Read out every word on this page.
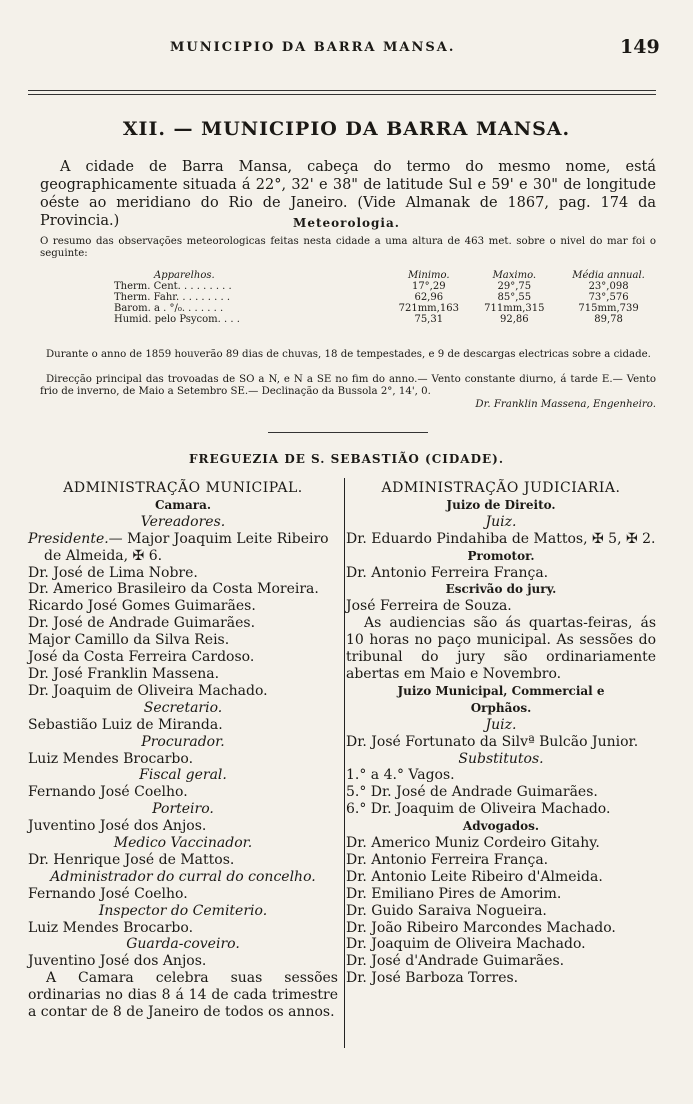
MUNICIPIO DA BARRA MANSA.	149
XII. — MUNICIPIO DA BARRA MANSA.
A cidade de Barra Mansa, cabeça do termo do mesmo nome, está geographicamente situada á 22°, 32' e 38" de latitude Sul e 59' e 30" de longitude oéste ao meridiano do Rio de Janeiro. (Vide Almanak de 1867, pag. 174 da Provincia.)	Meteorologia.
O resumo das observações meteorologicas feitas nesta cidade a uma altura de 463 met. sobre o nivel do mar foi o seguinte:
Apparelhos.	Minimo.	Maximo.	Média annual.
Therm. Cent. . . . . . . . .	17°,29	29°,75	23°,098
Therm. Fahr. . . . . . . . .	62,96	85°,55	73°,576
Barom. a . °/₀. . . . . . .	721mm,163	711mm,315	715mm,739
Humid. pelo Psycom. . . .	75,31	92,86	89,78
Durante o anno de 1859 houverão 89 dias de chuvas, 18 de tempestades, e 9 de descargas electricas sobre a cidade.
Direcção principal das trovoadas de SO a N, e N a SE no fim do anno.— Vento constante diurno, á tarde E.— Vento frio de inverno, de Maio a Setembro SE.— Declinação da Bussola 2°, 14', 0.
Dr. Franklin Massena, Engenheiro.
FREGUEZIA DE S. SEBASTIÃO (CIDADE).
ADMINISTRAÇÃO MUNICIPAL.
Camara.
Vereadores.
Presidente.— Major Joaquim Leite Ribeiro
de Almeida, ✠ 6.
Dr. José de Lima Nobre.
Dr. Americo Brasileiro da Costa Moreira.
Ricardo José Gomes Guimarães.
Dr. José de Andrade Guimarães.
Major Camillo da Silva Reis.
José da Costa Ferreira Cardoso.
Dr. José Franklin Massena.
Dr. Joaquim de Oliveira Machado.
Secretario.
Sebastião Luiz de Miranda.
Procurador.
Luiz Mendes Brocarbo.
Fiscal geral.
Fernando José Coelho.
Porteiro.
Juventino José dos Anjos.
Medico Vaccinador.
Dr. Henrique José de Mattos.
Administrador do curral do concelho.
Fernando José Coelho.
Inspector do Cemiterio.
Luiz Mendes Brocarbo.
Guarda-coveiro.
Juventino José dos Anjos.
A Camara celebra suas sessões ordinarias no dias 8 á 14 de cada trimestre a contar de 8 de Janeiro de todos os annos.
ADMINISTRAÇÃO JUDICIARIA.
Juizo de Direito.
Juiz.
Dr. Eduardo Pindahiba de Mattos, ✠ 5, ✠ 2.
Promotor.
Dr. Antonio Ferreira França.
Escrivão do jury.
José Ferreira de Souza.
As audiencias são ás quartas-feiras, ás 10 horas no paço municipal. As sessões do tribunal do jury são ordinariamente abertas em Maio e Novembro.
Juizo Municipal, Commercial e
Orphãos.
Juiz.
Dr. José Fortunato da Silvª Bulcão Junior.
Substitutos.
1.° a 4.° Vagos.
5.° Dr. José de Andrade Guimarães.
6.° Dr. Joaquim de Oliveira Machado.
Advogados.
Dr. Americo Muniz Cordeiro Gitahy.
Dr. Antonio Ferreira França.
Dr. Antonio Leite Ribeiro d'Almeida.
Dr. Emiliano Pires de Amorim.
Dr. Guido Saraiva Nogueira.
Dr. João Ribeiro Marcondes Machado.
Dr. Joaquim de Oliveira Machado.
Dr. José d'Andrade Guimarães.
Dr. José Barboza Torres.
